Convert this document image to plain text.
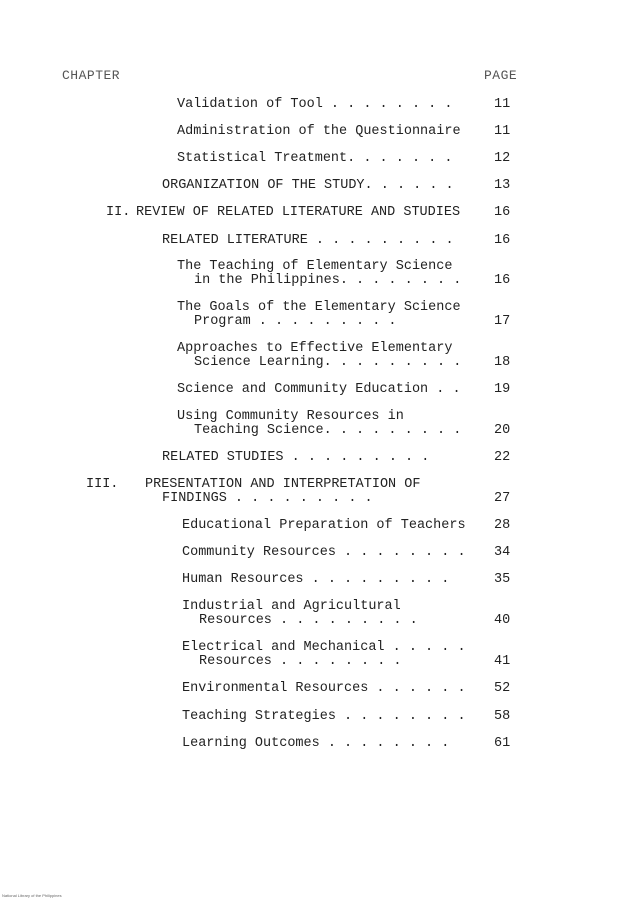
CHAPTER	PAGE
Validation of Tool . . . . . . . .	11
Administration of the Questionnaire 11
Statistical Treatment. . . . . . .	12
ORGANIZATION OF THE STUDY. . . . . .	13
II. REVIEW OF RELATED LITERATURE AND STUDIES	16
RELATED LITERATURE . . . . . . . . .	16
The Teaching of Elementary Science
in the Philippines. . . . . . . . 16
The Goals of the Elementary Science
Program . . . . . . . . .	17
Approaches to Effective Elementary
Science Learning. . . . . . . . . 18
Science and Community Education . . 19
Using Community Resources in
Teaching Science. . . . . . . . . 20
RELATED STUDIES . . . . . . . . .	22
III. PRESENTATION AND INTERPRETATION OF
FINDINGS . . . . . . . . .	27
Educational Preparation of Teachers 28
Community Resources . . . . . . . . 34
Human Resources . . . . . . . . .	35
Industrial and Agricultural
Resources . . . . . . . . .	40
Electrical and Mechanical . . . . .
Resources . . . . . . . .	41
Environmental Resources . . . . . . 52
Teaching Strategies . . . . . . . . 58
Learning Outcomes . . . . . . . .	61
National Library of the Philippines
